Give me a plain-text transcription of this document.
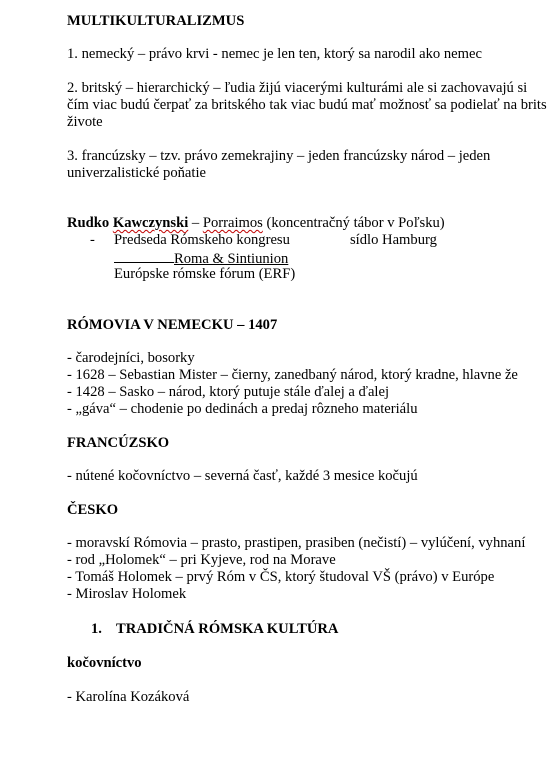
MULTIKULTURALIZMUS
1. nemecký – právo krvi - nemec je len ten, ktorý sa narodil ako nemec
2. britský – hierarchický – ľudia žijú viacerými kulturámi ale si zachovavajú si
čím viac budú čerpať za britského tak viac budú mať možnosť sa podielať na brits
živote
3. francúzsky – tzv. právo zemekrajiny – jeden francúzsky národ – jeden
univerzalistické poňatie
Rudko Kawczynski – Porraimos (koncentračný tábor v Poľsku)
- Predseda Rómskeho kongresu	sídlo Hamburg
Roma & Sintiunion
Európske rómske fórum (ERF)
RÓMOVIA V NEMECKU – 1407
- čarodejníci, bosorky
- 1628 – Sebastian Mister – čierny, zanedbaný národ, ktorý kradne, hlavne že
- 1428 – Sasko – národ, ktorý putuje stále ďalej a ďalej
- „gáva“ – chodenie po dedinách a predaj rôzneho materiálu
FRANCÚZSKO
- nútené kočovníctvo – severná časť, každé 3 mesice kočujú
ČESKO
- moravskí Rómovia – prasto, prastipen, prasiben (nečistí) – vylúčení, vyhnaní
- rod „Holomek“ – pri Kyjeve, rod na Morave
- Tomáš Holomek – prvý Róm v ČS, ktorý študoval VŠ (právo) v Európe
- Miroslav Holomek
1. TRADIČNÁ RÓMSKA KULTÚRA
kočovníctvo
- Karolína Kozáková
